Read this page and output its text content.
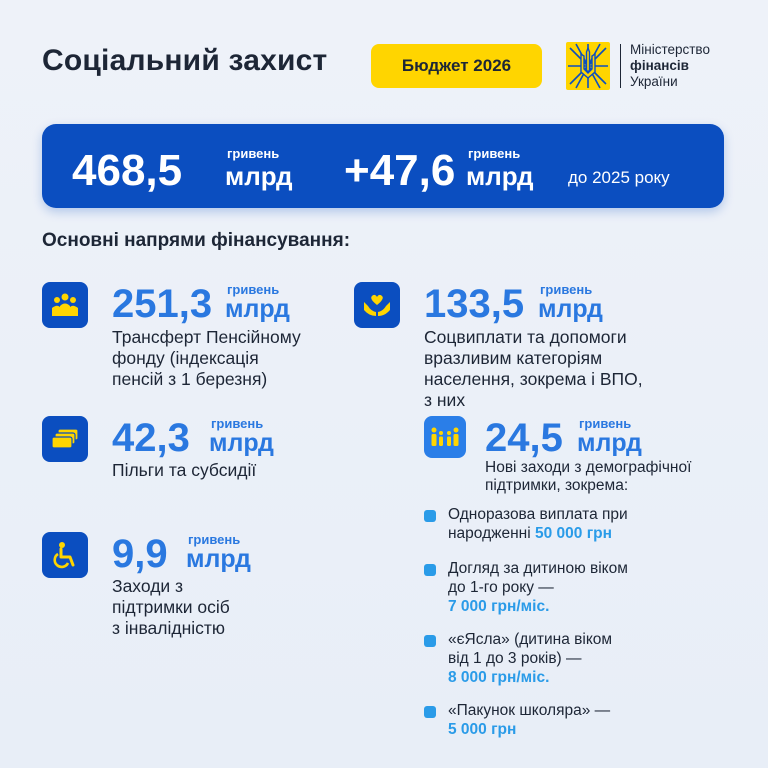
Соціальний захист	Бюджет 2026
Міністерство
фінансів
України
468,5	гривень
млрд +47,6 гривень
млрд до 2025 року
Основні напрями фінансування:
251,3 гривень
млрд
Трансферт Пенсійному
фонду (індексація
пенсій з 1 березня)
42,3 гривень
млрд
Пільги та субсидії
9,9 гривень
млрд
Заходи з
підтримки осіб
з інвалідністю
133,5 гривень
млрд
Соцвиплати та допомоги
вразливим категоріям
населення, зокрема і ВПО,
з них
24,5 гривень
млрд
Нові заходи з демографічної
підтримки, зокрема:
Одноразова виплата при
народженні 50 000 грн
Догляд за дитиною віком
до 1-го року —
7 000 грн/міс.
«єЯсла» (дитина віком
від 1 до 3 років) —
8 000 грн/міс.
«Пакунок школяра» —
5 000 грн
